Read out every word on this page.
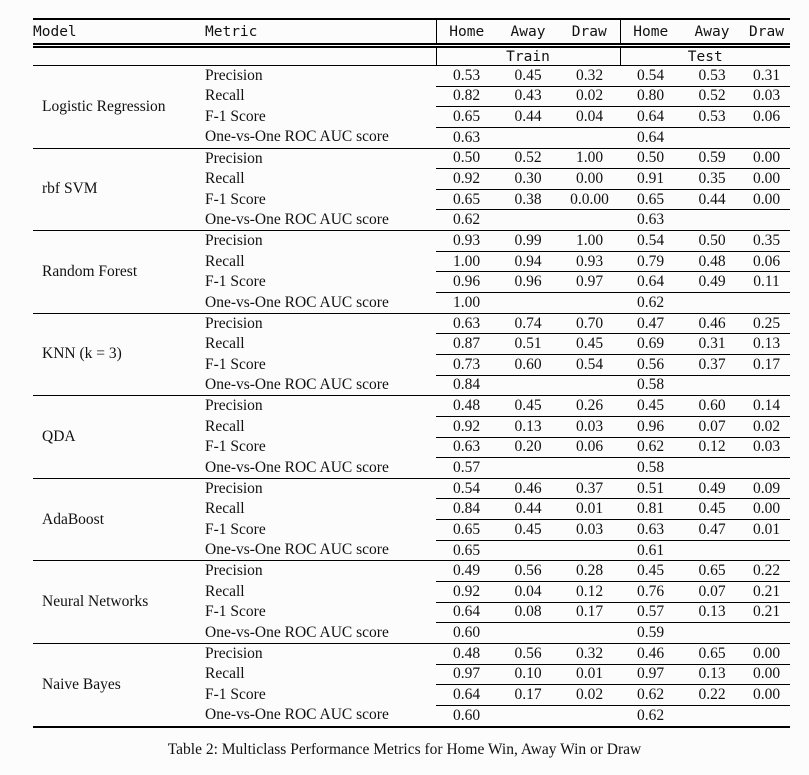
Model	Metric	Home	Away	Draw	Home	Away	Draw
		Train			Test		
Logistic Regression	Precision	0.53	0.45	0.32	0.54	0.53	0.31
	Recall	0.82	0.43	0.02	0.80	0.52	0.03
	F-1 Score	0.65	0.44	0.04	0.64	0.53	0.06
	One-vs-One ROC AUC score	0.63			0.64		
rbf SVM	Precision	0.50	0.52	1.00	0.50	0.59	0.00
	Recall	0.92	0.30	0.00	0.91	0.35	0.00
	F-1 Score	0.65	0.38	0.0.00	0.65	0.44	0.00
	One-vs-One ROC AUC score	0.62			0.63		
Random Forest	Precision	0.93	0.99	1.00	0.54	0.50	0.35
	Recall	1.00	0.94	0.93	0.79	0.48	0.06
	F-1 Score	0.96	0.96	0.97	0.64	0.49	0.11
	One-vs-One ROC AUC score	1.00			0.62		
KNN (k = 3)	Precision	0.63	0.74	0.70	0.47	0.46	0.25
	Recall	0.87	0.51	0.45	0.69	0.31	0.13
	F-1 Score	0.73	0.60	0.54	0.56	0.37	0.17
	One-vs-One ROC AUC score	0.84			0.58		
QDA	Precision	0.48	0.45	0.26	0.45	0.60	0.14
	Recall	0.92	0.13	0.03	0.96	0.07	0.02
	F-1 Score	0.63	0.20	0.06	0.62	0.12	0.03
	One-vs-One ROC AUC score	0.57			0.58		
AdaBoost	Precision	0.54	0.46	0.37	0.51	0.49	0.09
	Recall	0.84	0.44	0.01	0.81	0.45	0.00
	F-1 Score	0.65	0.45	0.03	0.63	0.47	0.01
	One-vs-One ROC AUC score	0.65			0.61		
Neural Networks	Precision	0.49	0.56	0.28	0.45	0.65	0.22
	Recall	0.92	0.04	0.12	0.76	0.07	0.21
	F-1 Score	0.64	0.08	0.17	0.57	0.13	0.21
	One-vs-One ROC AUC score	0.60			0.59		
Naive Bayes	Precision	0.48	0.56	0.32	0.46	0.65	0.00
	Recall	0.97	0.10	0.01	0.97	0.13	0.00
	F-1 Score	0.64	0.17	0.02	0.62	0.22	0.00
	One-vs-One ROC AUC score	0.60			0.62		
Table 2: Multiclass Performance Metrics for Home Win, Away Win or Draw
